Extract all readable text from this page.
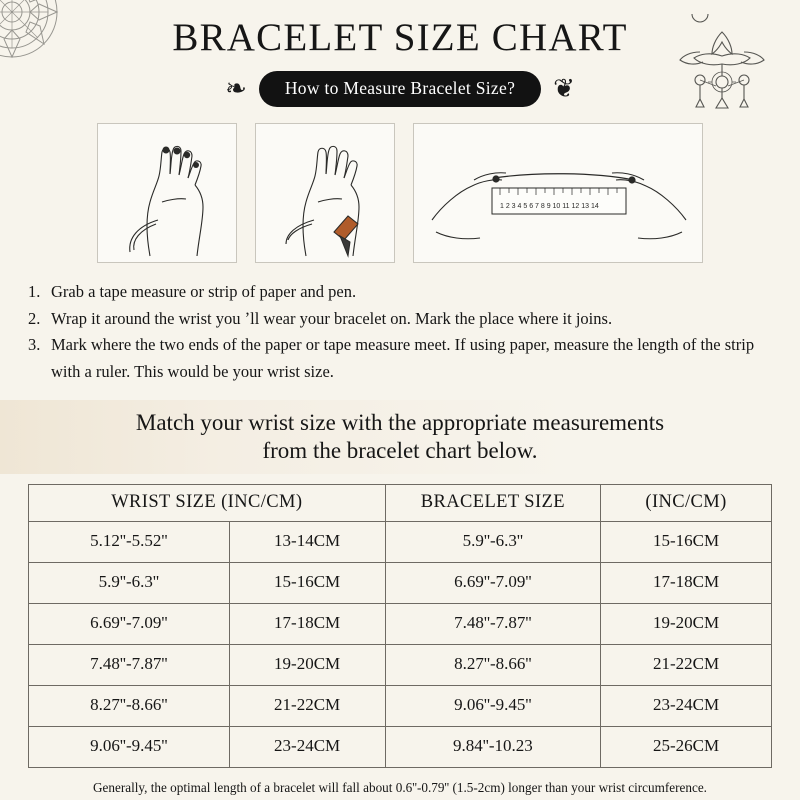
BRACELET SIZE CHART
❧	How to Measure Bracelet Size?	❦
1 2 3 4 5 6 7 8 9 10 11 12 13 14
1. Grab a tape measure or strip of paper and pen.
2. Wrap it around the wrist you ʼll wear your bracelet on. Mark the place where it joins.
3. Mark where the two ends of the paper or tape measure meet. If using paper, measure the length of the strip with a ruler. This would be your wrist size.
Match your wrist size with the appropriate measurements
from the bracelet chart below.
WRIST SIZE (INC/CM)		BRACELET SIZE	(INC/CM)
5.12''-5.52''	13-14CM	5.9''-6.3''	15-16CM
5.9''-6.3''	15-16CM	6.69''-7.09''	17-18CM
6.69''-7.09''	17-18CM	7.48''-7.87''	19-20CM
7.48''-7.87''	19-20CM	8.27''-8.66''	21-22CM
8.27''-8.66''	21-22CM	9.06''-9.45''	23-24CM
9.06''-9.45''	23-24CM	9.84''-10.23	25-26CM
Generally, the optimal length of a bracelet will fall about 0.6''-0.79'' (1.5-2cm) longer than your wrist circumference.
